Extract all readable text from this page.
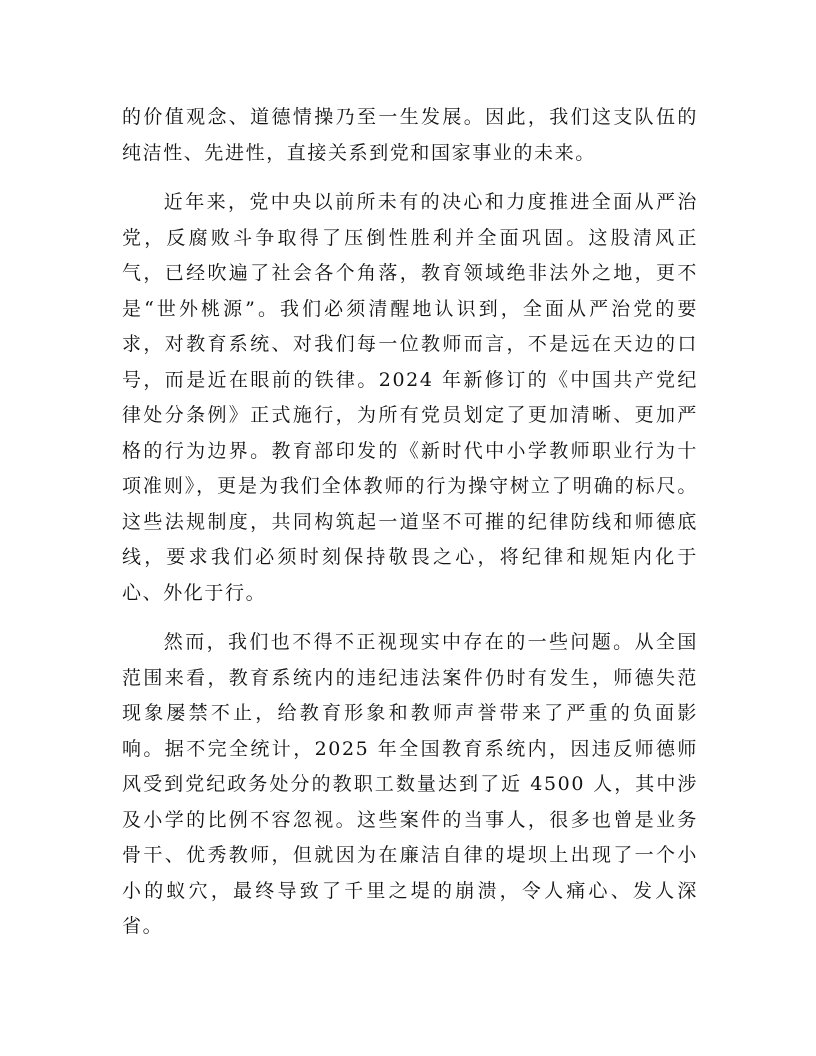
的价值观念、道德情操乃至一生发展。因此，我们这支队伍的纯洁性、先进性，直接关系到党和国家事业的未来。

近年来，党中央以前所未有的决心和力度推进全面从严治党，反腐败斗争取得了压倒性胜利并全面巩固。这股清风正气，已经吹遍了社会各个角落，教育领域绝非法外之地，更不是“世外桃源”。我们必须清醒地认识到，全面从严治党的要求，对教育系统、对我们每一位教师而言，不是远在天边的口号，而是近在眼前的铁律。2024 年新修订的《中国共产党纪律处分条例》正式施行，为所有党员划定了更加清晰、更加严格的行为边界。教育部印发的《新时代中小学教师职业行为十项准则》，更是为我们全体教师的行为操守树立了明确的标尺。这些法规制度，共同构筑起一道坚不可摧的纪律防线和师德底线，要求我们必须时刻保持敬畏之心，将纪律和规矩内化于心、外化于行。

然而，我们也不得不正视现实中存在的一些问题。从全国范围来看，教育系统内的违纪违法案件仍时有发生，师德失范现象屡禁不止，给教育形象和教师声誉带来了严重的负面影响。据不完全统计，2025 年全国教育系统内，因违反师德师风受到党纪政务处分的教职工数量达到了近 4500 人，其中涉及小学的比例不容忽视。这些案件的当事人，很多也曾是业务骨干、优秀教师，但就因为在廉洁自律的堤坝上出现了一个小小的蚁穴，最终导致了千里之堤的崩溃，令人痛心、发人深省。
